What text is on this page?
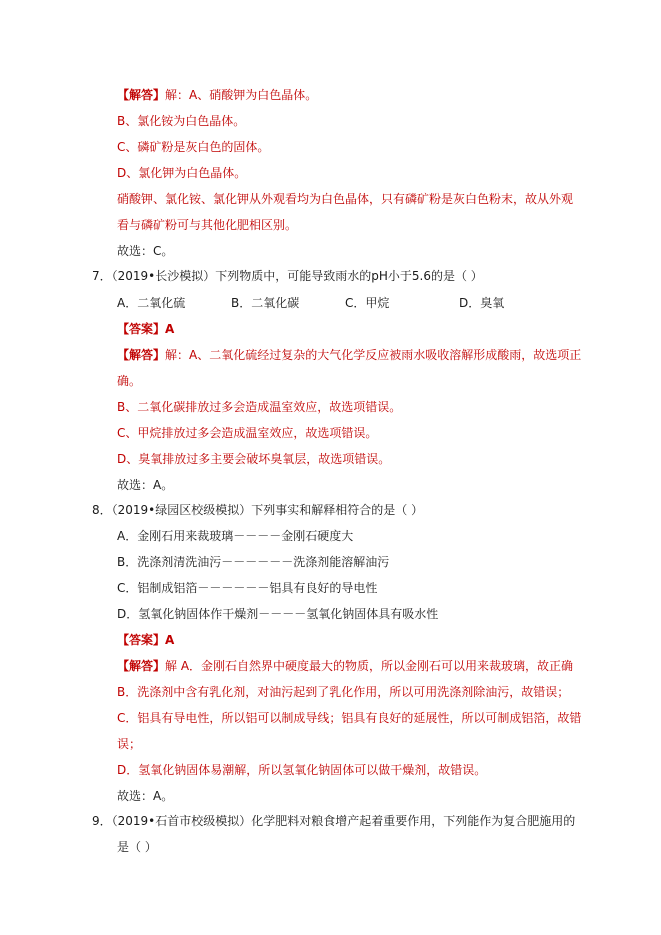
【解答】解：A、硝酸钾为白色晶体。
B、氯化铵为白色晶体。
C、磷矿粉是灰白色的固体。
D、氯化钾为白色晶体。
硝酸钾、氯化铵、氯化钾从外观看均为白色晶体，只有磷矿粉是灰白色粉末，故从外观
看与磷矿粉可与其他化肥相区别。
故选：C。
7．（2019•长沙模拟）下列物质中，可能导致雨水的pH小于5.6的是（ ）
A．二氧化硫	B．二氧化碳	C．甲烷	D．臭氧
【答案】A
【解答】解：A、二氧化硫经过复杂的大气化学反应被雨水吸收溶解形成酸雨，故选项正
确。
B、二氧化碳排放过多会造成温室效应，故选项错误。
C、甲烷排放过多会造成温室效应，故选项错误。
D、臭氧排放过多主要会破坏臭氧层，故选项错误。
故选：A。
8．（2019•绿园区校级模拟）下列事实和解释相符合的是（ ）
A．金刚石用来裁玻璃－－－－金刚石硬度大
B．洗涤剂清洗油污－－－－－－洗涤剂能溶解油污
C．铝制成铝箔－－－－－－铝具有良好的导电性
D．氢氧化钠固体作干燥剂－－－－氢氧化钠固体具有吸水性
【答案】A
【解答】解 A．金刚石自然界中硬度最大的物质，所以金刚石可以用来裁玻璃，故正确
B．洗涤剂中含有乳化剂，对油污起到了乳化作用，所以可用洗涤剂除油污，故错误；
C．铝具有导电性，所以铝可以制成导线；铝具有良好的延展性，所以可制成铝箔，故错
误；
D．氢氧化钠固体易潮解，所以氢氧化钠固体可以做干燥剂，故错误。
故选：A。
9．（2019•石首市校级模拟）化学肥料对粮食增产起着重要作用，下列能作为复合肥施用的
是（ ）
